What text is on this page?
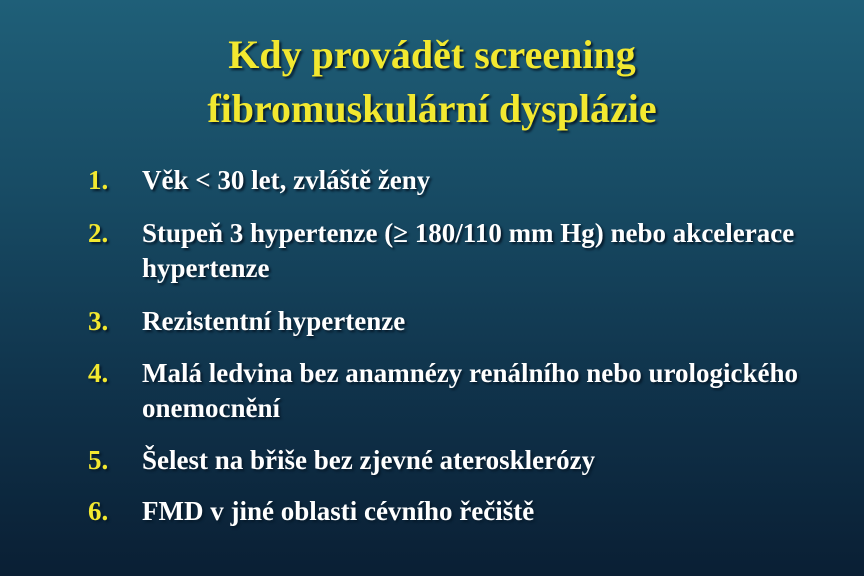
Kdy provádět screening
fibromuskulární dysplázie
1. Věk < 30 let, zvláště ženy
2. Stupeň 3 hypertenze (≥ 180/110 mm Hg) nebo akcelerace hypertenze
3. Rezistentní hypertenze
4. Malá ledvina bez anamnézy renálního nebo urologického onemocnění
5. Šelest na břiše bez zjevné aterosklerózy
6. FMD v jiné oblasti cévního řečiště
